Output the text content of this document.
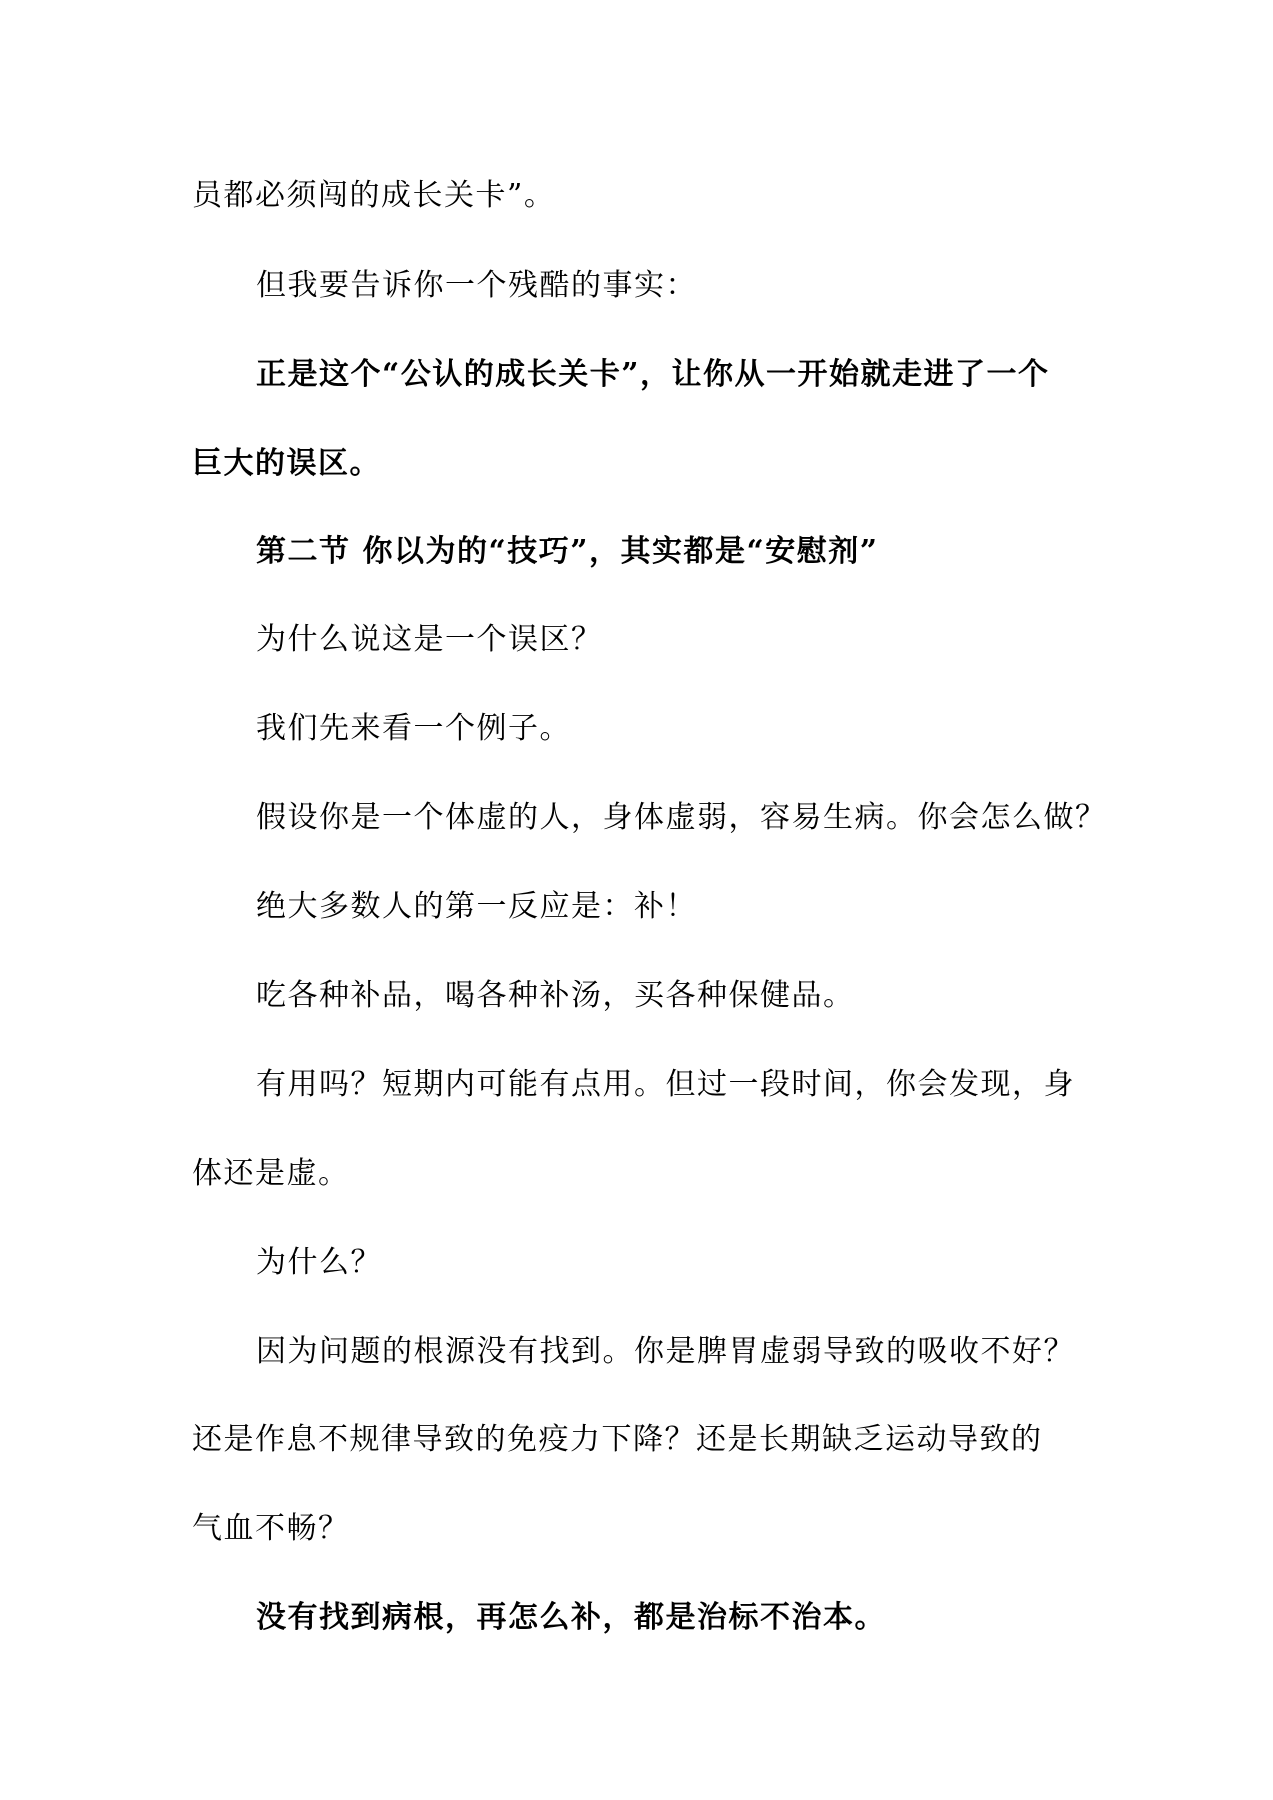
员都必须闯的成长关卡”。
但我要告诉你一个残酷的事实：
正是这个“公认的成长关卡”，让你从一开始就走进了一个
巨大的误区。
第二节 你以为的“技巧”，其实都是“安慰剂”
为什么说这是一个误区？
我们先来看一个例子。
假设你是一个体虚的人，身体虚弱，容易生病。你会怎么做？
绝大多数人的第一反应是：补！
吃各种补品，喝各种补汤，买各种保健品。
有用吗？短期内可能有点用。但过一段时间，你会发现，身
体还是虚。
为什么？
因为问题的根源没有找到。你是脾胃虚弱导致的吸收不好？
还是作息不规律导致的免疫力下降？还是长期缺乏运动导致的
气血不畅？
没有找到病根，再怎么补，都是治标不治本。
